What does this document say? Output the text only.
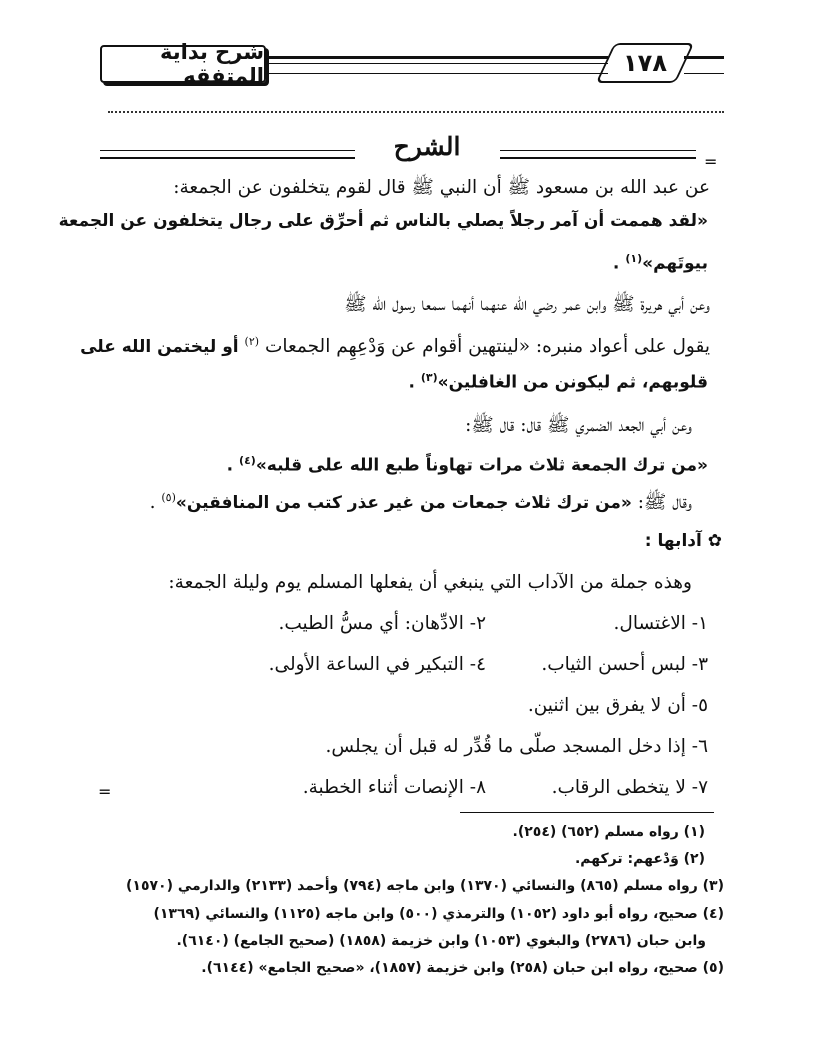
شرح بداية المتفقه	١٧٨
الشرح
=
عن عبد الله بن مسعود ﷺ أن النبي ﷺ قال لقوم يتخلفون عن الجمعة:
«لقد هممت أن آمر رجلاً يصلي بالناس ثم أحرِّق على رجال يتخلفون عن الجمعة
بيوتَهم»$^{(١)}$ .
وعن أبي هريرة ﷺ وابن عمر رضي الله عنهما أنهما سمعا رسول الله ﷺ
يقول على أعواد منبره: «لينتهين أقوام عن وَدْعِهِم الجمعات $^{(٢)}$ أو ليختمن الله على
قلوبهم، ثم ليكونن من الغافلين»$^{(٣)}$ .
وعن أبي الجعد الضمري ﷺ قال: قال ﷺ:
«من ترك الجمعة ثلاث مرات تهاوناً طبع الله على قلبه»$^{(٤)}$ .
وقال ﷺ: «من ترك ثلاث جمعات من غير عذر كتب من المنافقين»$^{(٥)}$ .
✿ آدابها :
وهذه جملة من الآداب التي ينبغي أن يفعلها المسلم يوم وليلة الجمعة:
١- الاغتسال.
٢- الادِّهان: أي مسُّ الطيب.
٣- لبس أحسن الثياب.
٤- التبكير في الساعة الأولى.
٥- أن لا يفرق بين اثنين.
٦- إذا دخل المسجد صلّى ما قُدِّر له قبل أن يجلس.
٧- لا يتخطى الرقاب.
٨- الإنصات أثناء الخطبة.
=
(١) رواه مسلم (٦٥٢) (٢٥٤).
(٢) وَدْعهم: تركهم.
(٣) رواه مسلم (٨٦٥) والنسائي (١٣٧٠) وابن ماجه (٧٩٤) وأحمد (٢١٣٣) والدارمي (١٥٧٠)
(٤) صحيح، رواه أبو داود (١٠٥٢) والترمذي (٥٠٠) وابن ماجه (١١٢٥) والنسائي (١٣٦٩)
وابن حبان (٢٧٨٦) والبغوي (١٠٥٣) وابن خزيمة (١٨٥٨) (صحيح الجامع) (٦١٤٠).
(٥) صحيح، رواه ابن حبان (٢٥٨) وابن خزيمة (١٨٥٧)، «صحيح الجامع» (٦١٤٤).
